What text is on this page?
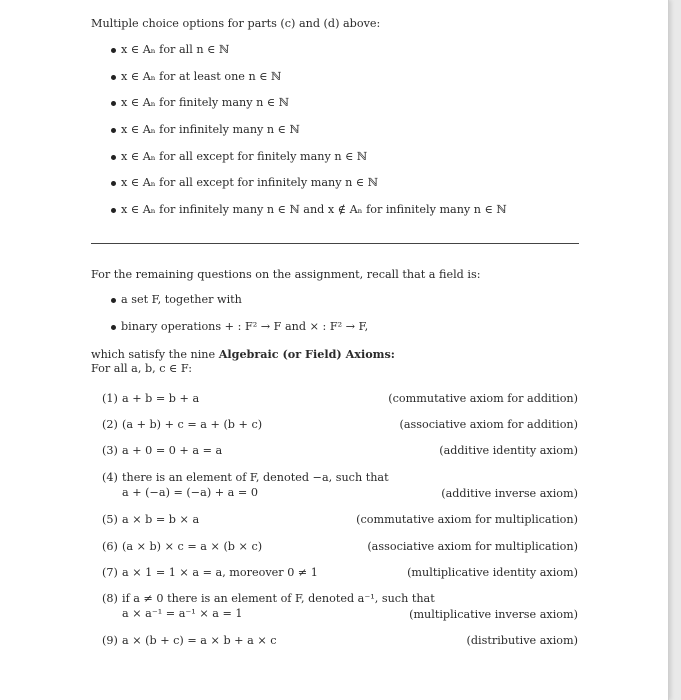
Multiple choice options for parts (c) and (d) above:
x ∈ Aₙ for all n ∈ ℕ
x ∈ Aₙ for at least one n ∈ ℕ
x ∈ Aₙ for finitely many n ∈ ℕ
x ∈ Aₙ for infinitely many n ∈ ℕ
x ∈ Aₙ for all except for finitely many n ∈ ℕ
x ∈ Aₙ for all except for infinitely many n ∈ ℕ
x ∈ Aₙ for infinitely many n ∈ ℕ and x ∉ Aₙ for infinitely many n ∈ ℕ
For the remaining questions on the assignment, recall that a field is:
a set F, together with
binary operations + : F² → F and × : F² → F,
which satisfy the nine Algebraic (or Field) Axioms:
For all a, b, c ∈ F:
(1) a + b = b + a	(commutative axiom for addition)
(2) (a + b) + c = a + (b + c)	(associative axiom for addition)
(3) a + 0 = 0 + a = a	(additive identity axiom)
(4) there is an element of F, denoted −a, such that
a + (−a) = (−a) + a = 0	(additive inverse axiom)
(5) a × b = b × a	(commutative axiom for multiplication)
(6) (a × b) × c = a × (b × c)	(associative axiom for multiplication)
(7) a × 1 = 1 × a = a, moreover 0 ≠ 1	(multiplicative identity axiom)
(8) if a ≠ 0 there is an element of F, denoted a⁻¹, such that
a × a⁻¹ = a⁻¹ × a = 1	(multiplicative inverse axiom)
(9) a × (b + c) = a × b + a × c	(distributive axiom)
